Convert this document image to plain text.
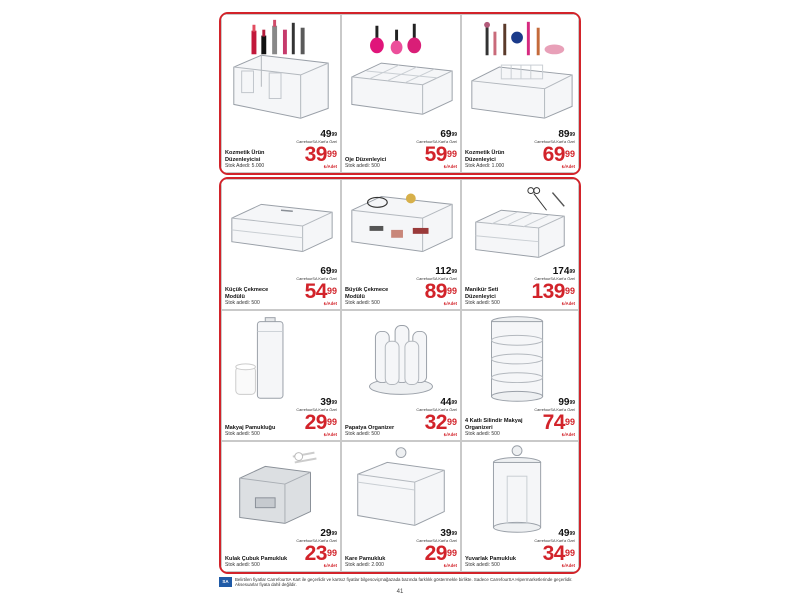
Kozmetik Ürün Düzenleyicisi
Stok Adedi: 5.000
$49^{99}$
CarrefourSA Kart'a Özel
$39^{99}$
₺/Adet
Oje Düzenleyici
Stok adedi: 500
$69^{99}$
CarrefourSA Kart'a Özel
$59^{99}$
₺/Adet
Kozmetik Ürün Düzenleyici
Stok Adedi: 1.000
$89^{99}$
CarrefourSA Kart'a Özel
$69^{99}$
₺/Adet
Küçük Çekmece Modülü
Stok adedi: 500
$69^{99}$
CarrefourSA Kart'a Özel
$54^{99}$
₺/Adet
Büyük Çekmece Modülü
Stok adedi: 500
$112^{99}$
CarrefourSA Kart'a Özel
$89^{99}$
₺/Adet
Manikür Seti Düzenleyici
Stok adedi: 500
$174^{99}$
CarrefourSA Kart'a Özel
$139^{99}$
₺/Adet
Makyaj Pamukluğu
Stok adedi: 500
$39^{99}$
CarrefourSA Kart'a Özel
$29^{99}$
₺/Adet
Papatya Organizer
Stok adedi: 500
$44^{99}$
CarrefourSA Kart'a Özel
$32^{99}$
₺/Adet
4 Katlı Silindir Makyaj Organizeri
Stok adedi: 500
$99^{99}$
CarrefourSA Kart'a Özel
$74^{99}$
₺/Adet
Kulak Çubuk Pamukluk
Stok adedi: 500
$29^{99}$
CarrefourSA Kart'a Özel
$23^{99}$
₺/Adet
Kare Pamukluk
Stok adedi: 2.000
$39^{99}$
CarrefourSA Kart'a Özel
$29^{99}$
₺/Adet
Yuvarlak Pamukluk
Stok adedi: 500
$49^{99}$
CarrefourSA Kart'a Özel
$34^{99}$
₺/Adet
SA	Belirtilen fiyatlar CarrefourSA Kart ile geçerlidir ve kartsız fiyatlar bilgesoviçmağazada bazında farklılık göstermekle birlikte. Sadece CarrefourSA Hipermarketlerinde geçerlidir. Aksesuarlar fiyata dahil değildir.
41
